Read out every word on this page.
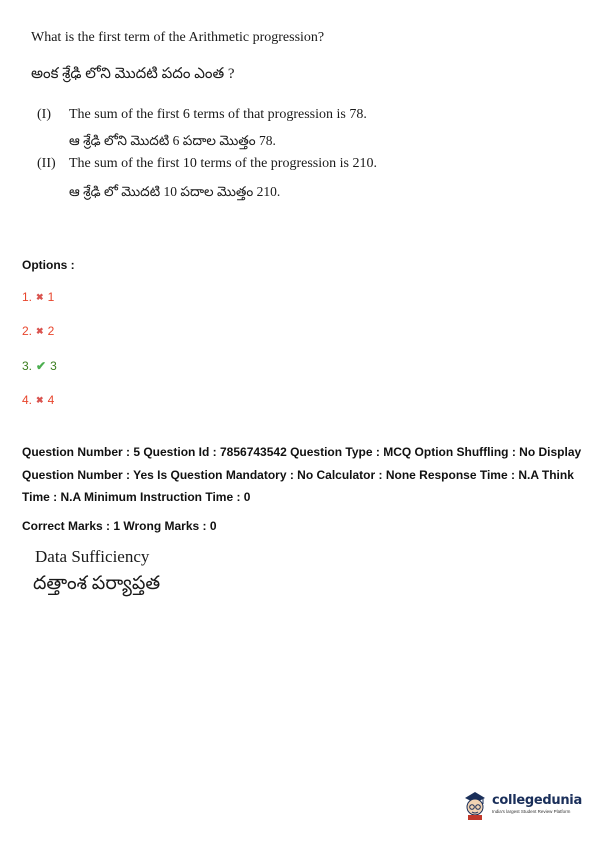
What is the first term of the Arithmetic progression?
అంక శ్రేఢి లోని మొదటి పదం ఎంత ?
(I) The sum of the first 6 terms of that progression is 78.
ఆ శ్రేఢి లోని మొదటి 6 పదాల మొత్తం 78.
(II) The sum of the first 10 terms of the progression is 210.
ఆ శ్రేఢి లో మొదటి 10 పదాల మొత్తం 210.
Options :
1. ✖ 1
2. ✖ 2
3. ✔ 3
4. ✖ 4
Question Number : 5 Question Id : 7856743542 Question Type : MCQ Option Shuffling : No Display Question Number : Yes Is Question Mandatory : No Calculator : None Response Time : N.A Think Time : N.A Minimum Instruction Time : 0
Correct Marks : 1 Wrong Marks : 0
Data Sufficiency
దత్తాంశ పర్యాప్తత
collegedunia
India's largest Student Review Platform
